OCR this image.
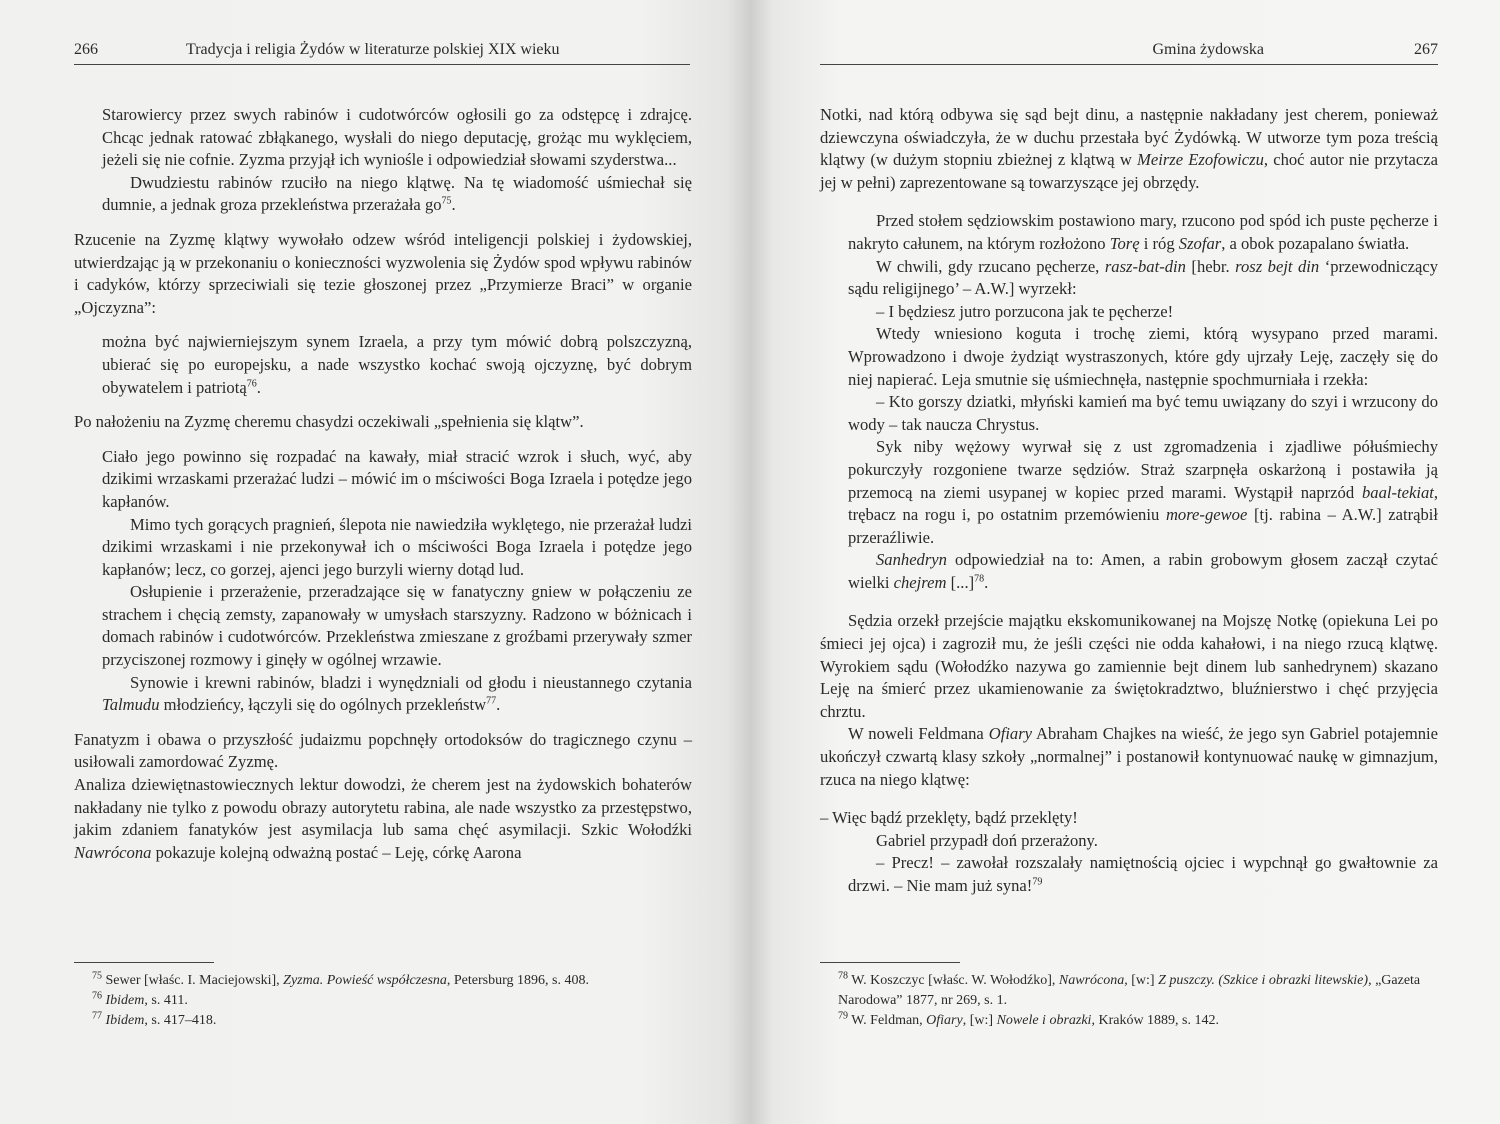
266	Tradycja i religia Żydów w literaturze polskiej XIX wieku

Starowiercy przez swych rabinów i cudotwórców ogłosili go za odstępcę i zdrajcę. Chcąc jednak ratować zbłąkanego, wysłali do niego deputację, grożąc mu wyklęciem, jeżeli się nie cofnie. Zyzma przyjął ich wyniośle i odpowiedział słowami szyderstwa...

Dwudziestu rabinów rzuciło na niego klątwę. Na tę wiadomość uśmiechał się dumnie, a jednak groza przekleństwa przerażała $go^{75}$.

Rzucenie na Zyzmę klątwy wywołało odzew wśród inteligencji polskiej i żydowskiej, utwierdzając ją w przekonaniu o konieczności wyzwolenia się Żydów spod wpływu rabinów i cadyków, którzy sprzeciwiali się tezie głoszonej przez „Przymierze Braci” w organie „Ojczyzna”:

można być najwierniejszym synem Izraela, a przy tym mówić dobrą polszczyzną, ubierać się po europejsku, a nade wszystko kochać swoją ojczyznę, być dobrym obywatelem i patriotą$^{76}$.

Po nałożeniu na Zyzmę cheremu chasydzi oczekiwali „spełnienia się klątw”.

Ciało jego powinno się rozpadać na kawały, miał stracić wzrok i słuch, wyć, aby dzikimi wrzaskami przerażać ludzi – mówić im o mściwości Boga Izraela i potędze jego kapłanów.

Mimo tych gorących pragnień, ślepota nie nawiedziła wyklętego, nie przerażał ludzi dzikimi wrzaskami i nie przekonywał ich o mściwości Boga Izraela i potędze jego kapłanów; lecz, co gorzej, ajenci jego burzyli wierny dotąd lud.

Osłupienie i przerażenie, przeradzające się w fanatyczny gniew w połączeniu ze strachem i chęcią zemsty, zapanowały w umysłach starszyzny. Radzono w bóżnicach i domach rabinów i cudotwórców. Przekleństwa zmieszane z groźbami przerywały szmer przyciszonej rozmowy i ginęły w ogólnej wrzawie.

Synowie i krewni rabinów, bladzi i wynędzniali od głodu i nieustannego czytania Talmudu młodzieńcy, łączyli się do ogólnych przekleństw$^{77}$.

Fanatyzm i obawa o przyszłość judaizmu popchnęły ortodoksów do tragicznego czynu – usiłowali zamordować Zyzmę.

Analiza dziewiętnastowiecznych lektur dowodzi, że cherem jest na żydowskich bohaterów nakładany nie tylko z powodu obrazy autorytetu rabina, ale nade wszystko za przestępstwo, jakim zdaniem fanatyków jest asymilacja lub sama chęć asymilacji. Szkic Wołodźki Nawrócona pokazuje kolejną odważną postać – Leję, córkę Aarona

$^{75}$ Sewer [właśc. I. Maciejowski], Zyzma. Powieść współczesna, Petersburg 1896, s. 408.

$^{76}$ Ibidem, s. 411.

$^{77}$ Ibidem, s. 417–418.

Gmina żydowska	267

Notki, nad którą odbywa się sąd bejt dinu, a następnie nakładany jest cherem, ponieważ dziewczyna oświadczyła, że w duchu przestała być Żydówką. W utworze tym poza treścią klątwy (w dużym stopniu zbieżnej z klątwą w Meirze Ezofowiczu, choć autor nie przytacza jej w pełni) zaprezentowane są towarzyszące jej obrzędy.

Przed stołem sędziowskim postawiono mary, rzucono pod spód ich puste pęcherze i nakryto całunem, na którym rozłożono Torę i róg Szofar, a obok pozapalano światła.

W chwili, gdy rzucano pęcherze, rasz-bat-din [hebr. rosz bejt din ‘przewodniczący sądu religijnego’ – A.W.] wyrzekł:

– I będziesz jutro porzucona jak te pęcherze!

Wtedy wniesiono koguta i trochę ziemi, którą wysypano przed marami. Wprowadzono i dwoje żydziąt wystraszonych, które gdy ujrzały Leję, zaczęły się do niej napierać. Leja smutnie się uśmiechnęła, następnie spochmurniała i rzekła:

– Kto gorszy dziatki, młyński kamień ma być temu uwiązany do szyi i wrzucony do wody – tak naucza Chrystus.

Syk niby wężowy wyrwał się z ust zgromadzenia i zjadliwe półuśmiechy pokurczyły rozgoniene twarze sędziów. Straż szarpnęła oskarżoną i postawiła ją przemocą na ziemi usypanej w kopiec przed marami. Wystąpił naprzód baal-tekiat, trębacz na rogu i, po ostatnim przemówieniu more-gewoe [tj. rabina – A.W.] zatrąbił przeraźliwie.

Sanhedryn odpowiedział na to: Amen, a rabin grobowym głosem zaczął czytać wielki chejrem [...]$^{78}$.

Sędzia orzekł przejście majątku ekskomunikowanej na Mojszę Notkę (opiekuna Lei po śmieci jej ojca) i zagroził mu, że jeśli części nie odda kahałowi, i na niego rzucą klątwę. Wyrokiem sądu (Wołodźko nazywa go zamiennie bejt dinem lub sanhedrynem) skazano Leję na śmierć przez ukamienowanie za świętokradztwo, bluźnierstwo i chęć przyjęcia chrztu.

W noweli Feldmana Ofiary Abraham Chajkes na wieść, że jego syn Gabriel potajemnie ukończył czwartą klasy szkoły „normalnej” i postanowił kontynuować naukę w gimnazjum, rzuca na niego klątwę:

– Więc bądź przeklęty, bądź przeklęty!

Gabriel przypadł doń przerażony.

– Precz! – zawołał rozszalały namiętnością ojciec i wypchnął go gwałtownie za drzwi. – Nie mam już syna!$^{79}$

$^{78}$ W. Koszczyc [właśc. W. Wołodźko], Nawrócona, [w:] Z puszczy. (Szkice i obrazki litewskie), „Gazeta Narodowa” 1877, nr 269, s. 1.

$^{79}$ W. Feldman, Ofiary, [w:] Nowele i obrazki, Kraków 1889, s. 142.
